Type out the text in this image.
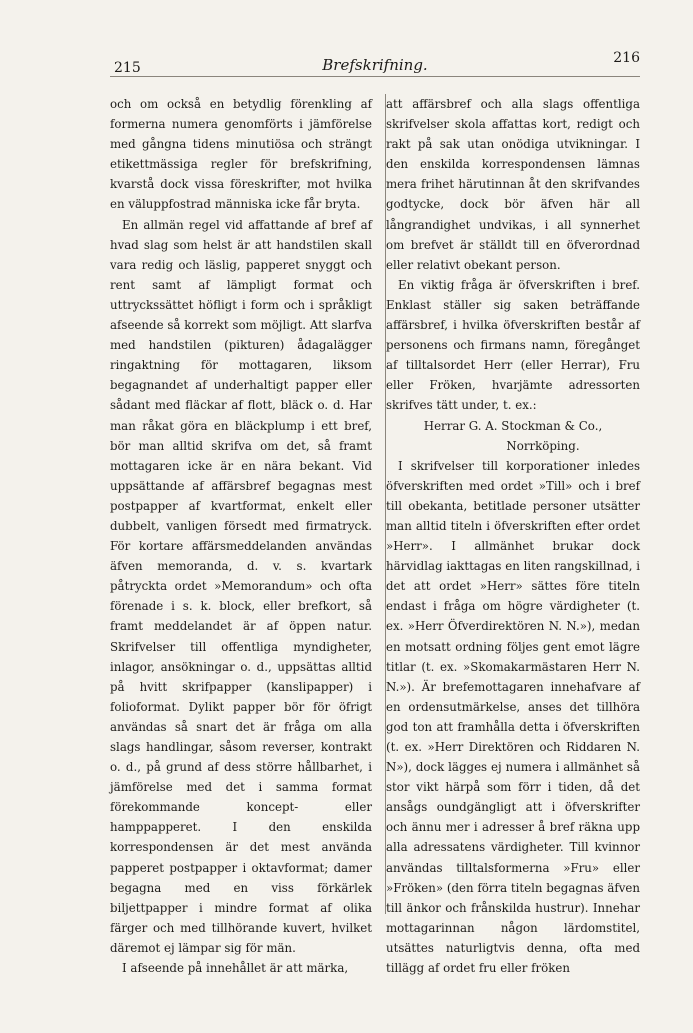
215	Brefskrifning.	216

och om också en betydlig förenkling af formerna numera genomförts i jämförelse med gångna tidens minutiösa och strängt etikettmässiga regler för brefskrifning, kvarstå dock vissa föreskrifter, mot hvilka en väluppfostrad människa icke får bryta.

En allmän regel vid affattande af bref af hvad slag som helst är att handstilen skall vara redig och läslig, papperet snyggt och rent samt af lämpligt format och uttryckssättet höfligt i form och i språkligt afseende så korrekt som möjligt. Att slarfva med handstilen (pikturen) ådagalägger ringaktning för mottagaren, liksom begagnandet af underhaltigt papper eller sådant med fläckar af flott, bläck o. d. Har man råkat göra en bläckplump i ett bref, bör man alltid skrifva om det, så framt mottagaren icke är en nära bekant. Vid uppsättande af affärsbref begagnas mest postpapper af kvartformat, enkelt eller dubbelt, vanligen försedt med firmatryck. För kortare affärsmeddelanden användas äfven memoranda, d. v. s. kvartark påtryckta ordet »Memorandum» och ofta förenade i s. k. block, eller brefkort, så framt meddelandet är af öppen natur. Skrifvelser till offentliga myndigheter, inlagor, ansökningar o. d., uppsättas alltid på hvitt skrifpapper (kanslipapper) i folioformat. Dylikt papper bör för öfrigt användas så snart det är fråga om alla slags handlingar, såsom reverser, kontrakt o. d., på grund af dess större hållbarhet, i jämförelse med det i samma format förekommande koncept- eller hamppapperet. I den enskilda korrespondensen är det mest använda papperet postpapper i oktavformat; damer begagna med en viss förkärlek biljettpapper i mindre format af olika färger och med tillhörande kuvert, hvilket däremot ej lämpar sig för män.

I afseende på innehållet är att märka,

att affärsbref och alla slags offentliga skrifvelser skola affattas kort, redigt och rakt på sak utan onödiga utvikningar. I den enskilda korrespondensen lämnas mera frihet härutinnan åt den skrifvandes godtycke, dock bör äfven här all långrandighet undvikas, i all synnerhet om brefvet är ställdt till en öfverordnad eller relativt obekant person.

En viktig fråga är öfverskriften i bref. Enklast ställer sig saken beträffande affärsbref, i hvilka öfverskriften består af personens och firmans namn, föregånget af tilltalsordet Herr (eller Herrar), Fru eller Fröken, hvarjämte adressorten skrifves tätt under, t. ex.:

Herrar G. A. Stockman & Co.,

Norrköping.

I skrifvelser till korporationer inledes öfverskriften med ordet »Till» och i bref till obekanta, betitlade personer utsätter man alltid titeln i öfverskriften efter ordet »Herr». I allmänhet brukar dock härvidlag iakttagas en liten rangskillnad, i det att ordet »Herr» sättes före titeln endast i fråga om högre värdigheter (t. ex. »Herr Öfverdirektören N. N.»), medan en motsatt ordning följes gent emot lägre titlar (t. ex. »Skomakarmästaren Herr N. N.»). Är brefemottagaren innehafvare af en ordensutmärkelse, anses det tillhöra god ton att framhålla detta i öfverskriften (t. ex. »Herr Direktören och Riddaren N. N»), dock lägges ej numera i allmänhet så stor vikt härpå som förr i tiden, då det ansågs oundgängligt att i öfverskrifter och ännu mer i adresser å bref räkna upp alla adressatens värdigheter. Till kvinnor användas tilltalsformerna »Fru» eller »Fröken» (den förra titeln begagnas äfven till änkor och frånskilda hustrur). Innehar mottagarinnan någon lärdomstitel, utsättes naturligtvis denna, ofta med tillägg af ordet fru eller fröken
